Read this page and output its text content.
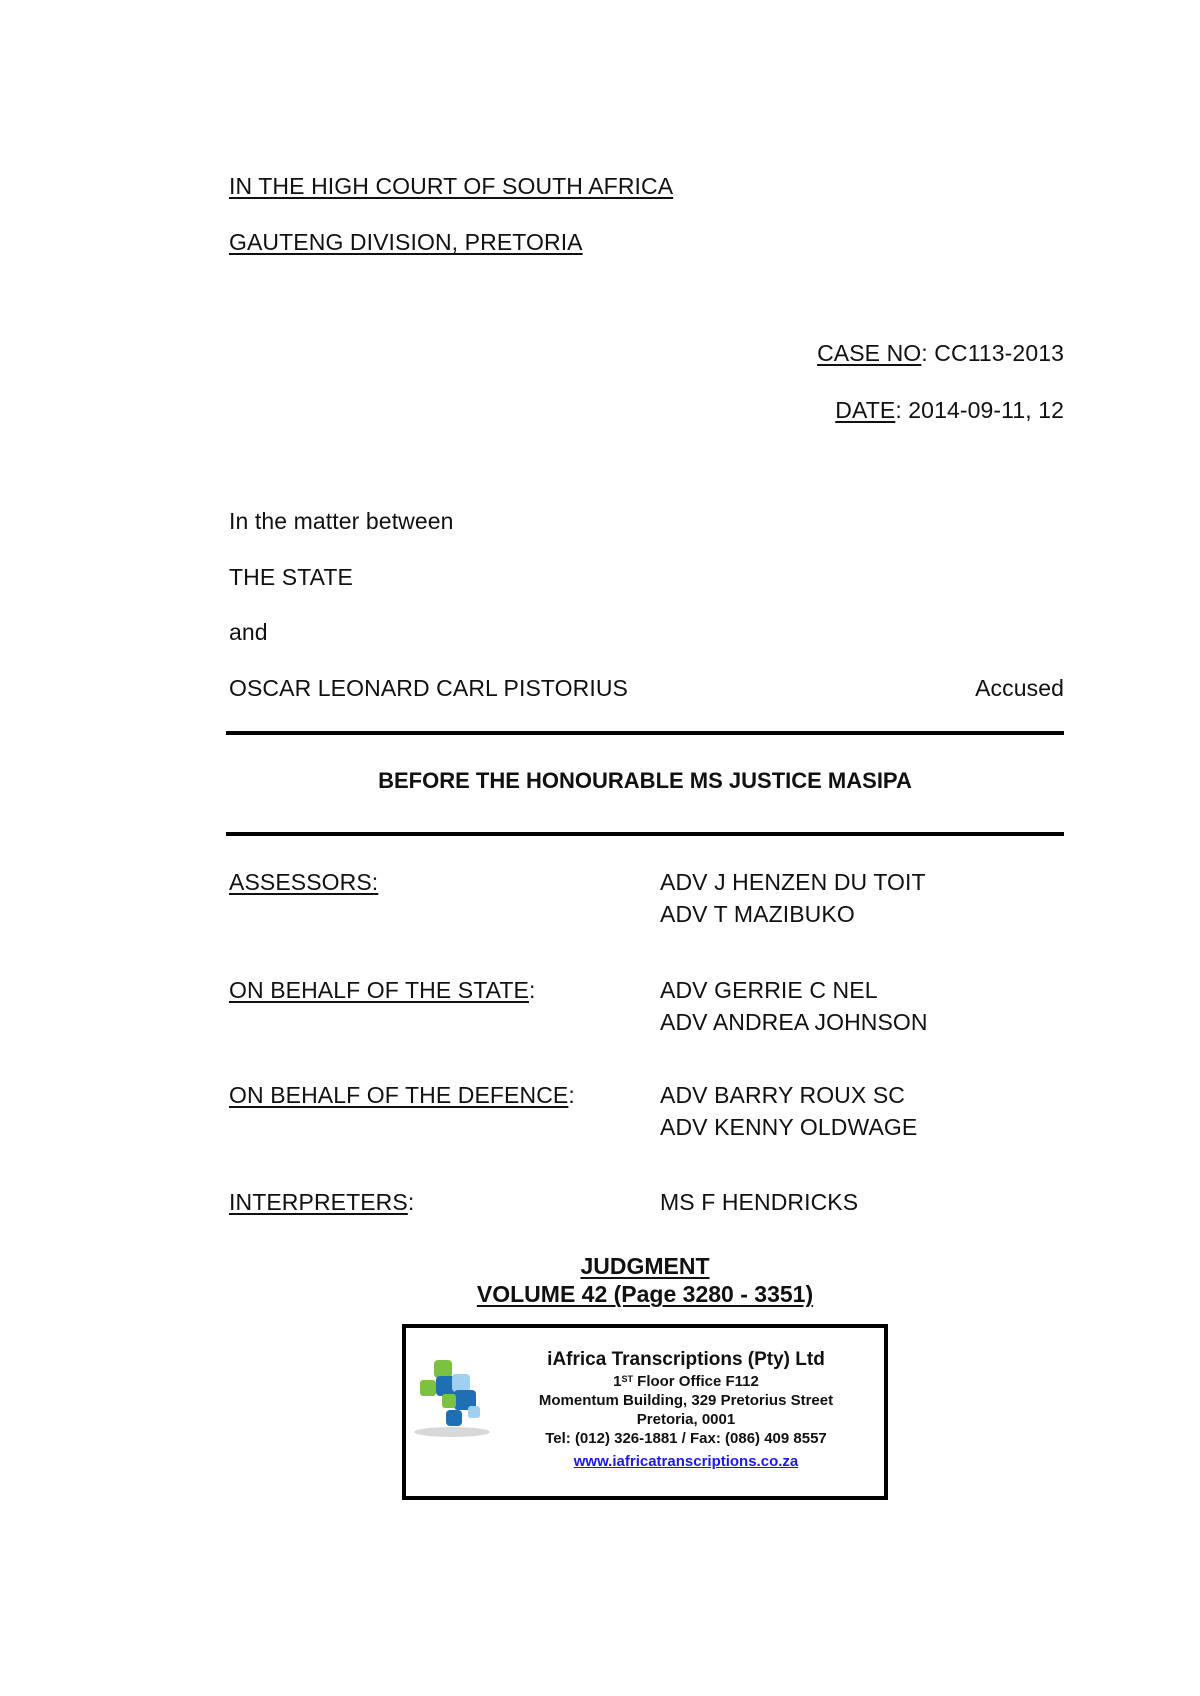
IN THE HIGH COURT OF SOUTH AFRICA
GAUTENG DIVISION, PRETORIA
CASE NO: CC113-2013
DATE: 2014-09-11, 12
In the matter between
THE STATE
and
OSCAR LEONARD CARL PISTORIUS	Accused
BEFORE THE HONOURABLE MS JUSTICE MASIPA
ASSESSORS:	ADV J HENZEN DU TOIT
ADV T MAZIBUKO
ON BEHALF OF THE STATE:	ADV GERRIE C NEL
ADV ANDREA JOHNSON
ON BEHALF OF THE DEFENCE:	ADV BARRY ROUX SC
ADV KENNY OLDWAGE
INTERPRETERS:	MS F HENDRICKS
JUDGMENT
VOLUME 42 (Page 3280 - 3351)
iAfrica Transcriptions (Pty) Ltd
1ST Floor Office F112
Momentum Building, 329 Pretorius Street
Pretoria, 0001
Tel: (012) 326-1881 / Fax: (086) 409 8557
www.iafricatranscriptions.co.za
